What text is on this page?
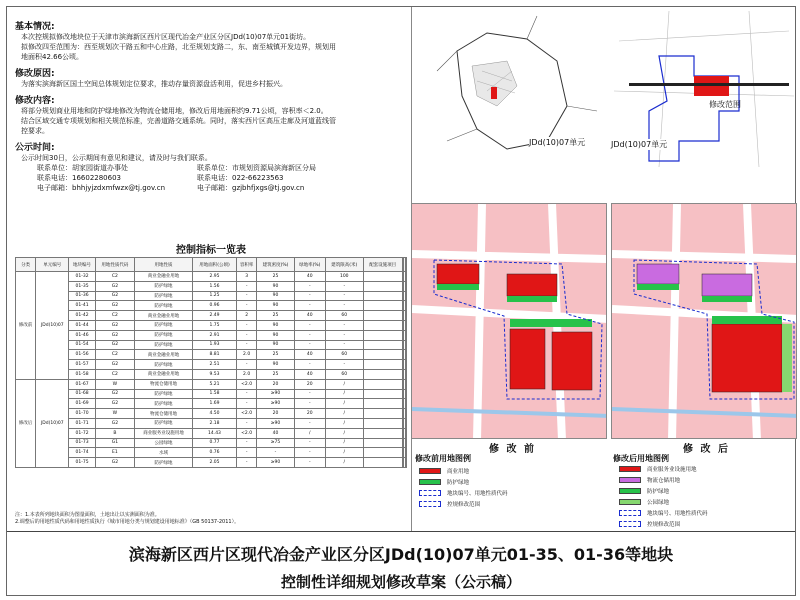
基本情况:
本次控规拟修改地块位于天津市滨海新区西片区现代冶金产业区分区JDd(10)07单元01街坊。
拟修改四至范围为：西至规划次干路五和中心庄路，北至规划支路二，东、南至城镇开发边界，规划用
地面积42.66公顷。
修改原因:
为落实滨海新区国土空间总体规划定位要求，推动存量资源盘活利用，促进乡村振兴。
修改内容:
将部分规划商业用地和防护绿地修改为物流仓储用地，修改后用地面积约9.71公顷，容积率＜2.0。
结合区域交通专项规划和相关规范标准，完善道路交通系统。同时，落实西片区高压走廊及河道蓝线管
控要求。
公示时间:
公示时间30日，公示期间有意见和建议，请及时与我们联系。
联系单位：胡家园街道办事处	联系单位：市规划资源局滨海新区分局
联系电话：16602280603	联系电话：022-66223563
电子邮箱：bhhjyjzdxmfwzx@tj.gov.cn	电子邮箱：gzjbhfjxgs@tj.gov.cn
控制指标一览表
分类	单元编号	地块编号	用地性质代码	用地性质	用地面积(公顷)	容积率	建筑密度(%)	绿地率(%)	建筑限高(米)	配套设施项目			
修改前	JDd(10)07	01-32	C2	商业金融业用地	2.95	3	25	40	100				
		01-35	G2	防护绿地	1.56	-	90	-	-				
		01-36	G2	防护绿地	1.25	-	90	-	-				
		01-41	G2	防护绿地	0.96	-	90	-	-				
		01-42	C2	商业金融业用地	2.49	2	25	40	60				
		01-44	G2	防护绿地	1.75	-	90	-	-				
		01-46	G2	防护绿地	2.91	-	90	-	-				
		01-54	G2	防护绿地	1.93	-	90	-	-				
		01-56	C2	商业金融业用地	8.81	2.0	25	40	60				
		01-57	G2	防护绿地	2.51	-	90	-	-				
		01-58	C2	商业金融业用地	9.53	2.0	25	40	60				
修改后	JDd(10)07	01-67	W	物流仓储用地	5.21	<2.0	20	20	/				
		01-68	G2	防护绿地	1.58	-	≥90	-	/				
		01-69	G2	防护绿地	1.69	-	≥90	-	/				
		01-70	W	物流仓储用地	4.50	<2.0	20	20	/				
		01-71	G2	防护绿地	2.18	-	≥90	-	/				
		01-72	B	商业服务业设施用地	14.43	<2.0	40	/	/				
		01-73	G1	公园绿地	0.77	-	≥75	-	/				
		01-74	E1	水域	0.76	-	-	-	/				
		01-75	G2	防护绿地	2.05	-	≥90	-	/				
注：1.本表所列地块面积为图量面积，土地出让以实测面积为准。
2.调整后的用地性质代码和用地性质执行《城市用地分类与规划建设用地标准》（GB 50137-2011）。
JDd(10)07单元
修改范围
JDd(10)07单元
修 改 前	修 改 后
修改前用地图例
商业用地
防护绿地
地块编号、用地性质代码
控规修改范围
修改后用地图例
商业服务业设施用地
物流仓储用地
防护绿地
公园绿地
地块编号、用地性质代码
控规修改范围
滨海新区西片区现代冶金产业区分区JDd(10)07单元01-35、01-36等地块
控制性详细规划修改草案（公示稿）
